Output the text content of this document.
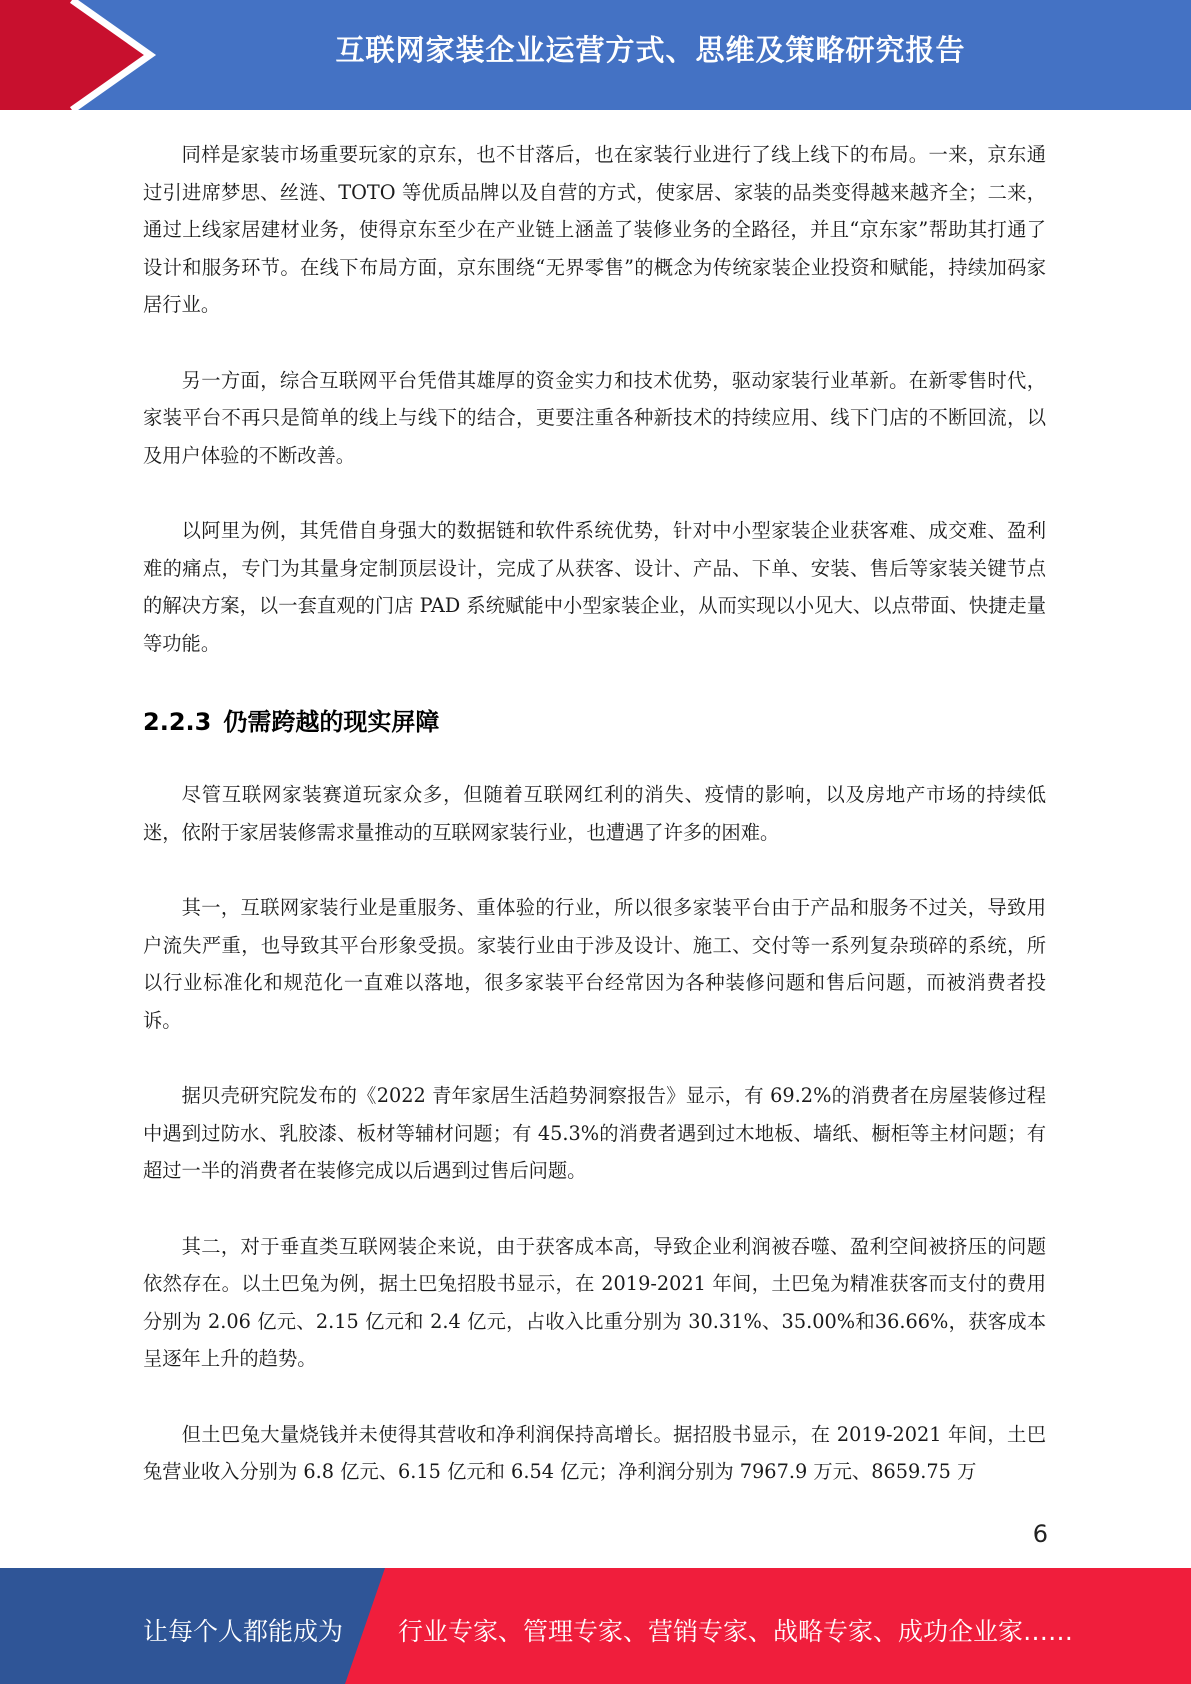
互联网家装企业运营方式、思维及策略研究报告

同样是家装市场重要玩家的京东，也不甘落后，也在家装行业进行了线上线下的布局。一来，京东通过引进席梦思、丝涟、TOTO 等优质品牌以及自营的方式，使家居、家装的品类变得越来越齐全；二来，通过上线家居建材业务，使得京东至少在产业链上涵盖了装修业务的全路径，并且“京东家”帮助其打通了设计和服务环节。在线下布局方面，京东围绕“无界零售”的概念为传统家装企业投资和赋能，持续加码家居行业。

另一方面，综合互联网平台凭借其雄厚的资金实力和技术优势，驱动家装行业革新。在新零售时代，家装平台不再只是简单的线上与线下的结合，更要注重各种新技术的持续应用、线下门店的不断回流，以及用户体验的不断改善。

以阿里为例，其凭借自身强大的数据链和软件系统优势，针对中小型家装企业获客难、成交难、盈利难的痛点，专门为其量身定制顶层设计，完成了从获客、设计、产品、下单、安装、售后等家装关键节点的解决方案，以一套直观的门店 PAD 系统赋能中小型家装企业，从而实现以小见大、以点带面、快捷走量等功能。

2.2.3 仍需跨越的现实屏障

尽管互联网家装赛道玩家众多，但随着互联网红利的消失、疫情的影响，以及房地产市场的持续低迷，依附于家居装修需求量推动的互联网家装行业，也遭遇了许多的困难。

其一，互联网家装行业是重服务、重体验的行业，所以很多家装平台由于产品和服务不过关，导致用户流失严重，也导致其平台形象受损。家装行业由于涉及设计、施工、交付等一系列复杂琐碎的系统，所以行业标准化和规范化一直难以落地，很多家装平台经常因为各种装修问题和售后问题，而被消费者投诉。

据贝壳研究院发布的《2022 青年家居生活趋势洞察报告》显示，有 69.2%的消费者在房屋装修过程中遇到过防水、乳胶漆、板材等辅材问题；有 45.3%的消费者遇到过木地板、墙纸、橱柜等主材问题；有超过一半的消费者在装修完成以后遇到过售后问题。

其二，对于垂直类互联网装企来说，由于获客成本高，导致企业利润被吞噬、盈利空间被挤压的问题依然存在。以土巴兔为例，据土巴兔招股书显示，在 2019-2021 年间，土巴兔为精准获客而支付的费用分别为 2.06 亿元、2.15 亿元和 2.4 亿元，占收入比重分别为 30.31%、35.00%和36.66%，获客成本呈逐年上升的趋势。

但土巴兔大量烧钱并未使得其营收和净利润保持高增长。据招股书显示，在 2019-2021 年间，土巴兔营业收入分别为 6.8 亿元、6.15 亿元和 6.54 亿元；净利润分别为 7967.9 万元、8659.75 万

6
让每个人都能成为 行业专家、管理专家、营销专家、战略专家、成功企业家……
